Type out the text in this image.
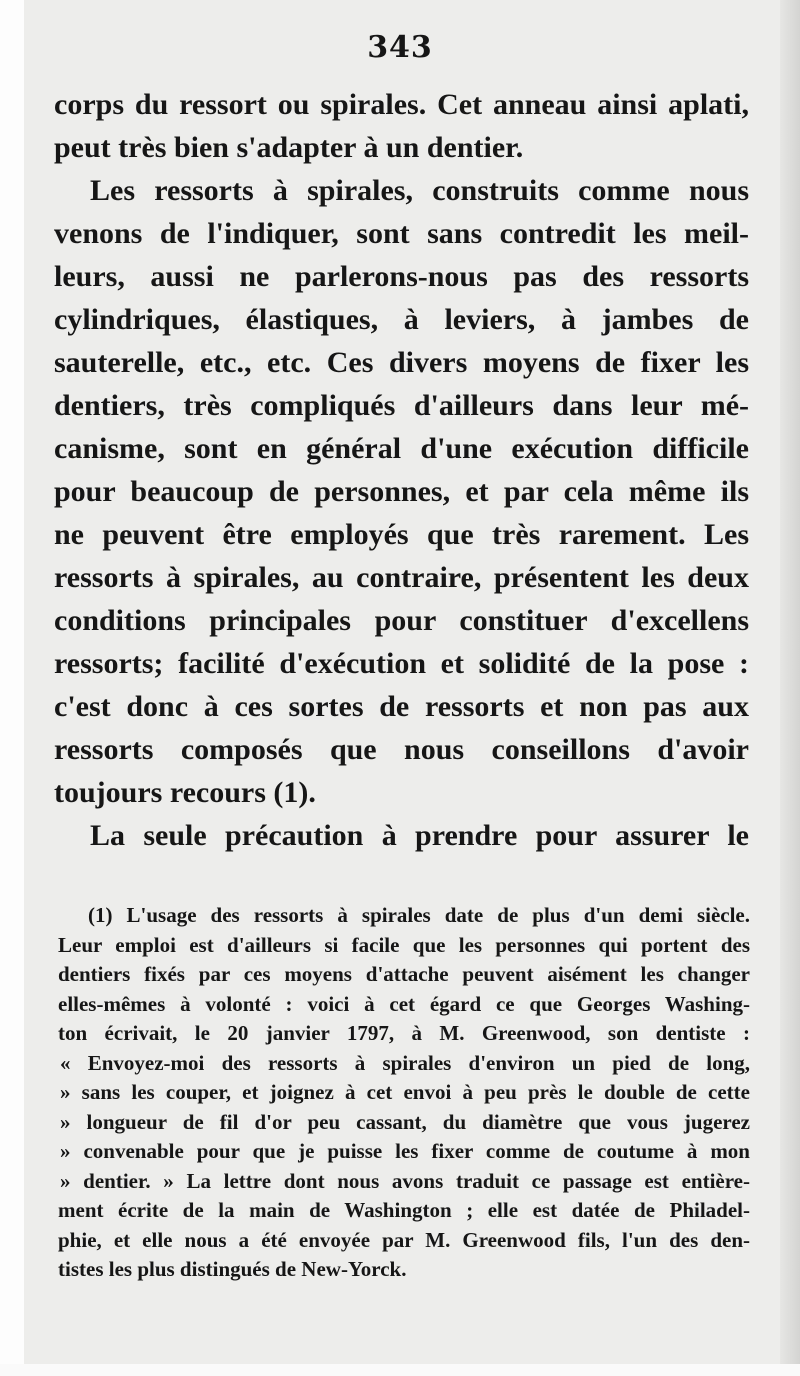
343
corps du ressort ou spirales. Cet anneau ainsi aplati,
peut très bien s'adapter à un dentier.
Les ressorts à spirales, construits comme nous
venons de l'indiquer, sont sans contredit les meil-
leurs, aussi ne parlerons-nous pas des ressorts
cylindriques, élastiques, à leviers, à jambes de
sauterelle, etc., etc. Ces divers moyens de fixer les
dentiers, très compliqués d'ailleurs dans leur mé-
canisme, sont en général d'une exécution difficile
pour beaucoup de personnes, et par cela même ils
ne peuvent être employés que très rarement. Les
ressorts à spirales, au contraire, présentent les deux
conditions principales pour constituer d'excellens
ressorts; facilité d'exécution et solidité de la pose :
c'est donc à ces sortes de ressorts et non pas aux
ressorts composés que nous conseillons d'avoir
toujours recours (1).
La seule précaution à prendre pour assurer le
(1) L'usage des ressorts à spirales date de plus d'un demi siècle.
Leur emploi est d'ailleurs si facile que les personnes qui portent des
dentiers fixés par ces moyens d'attache peuvent aisément les changer
elles-mêmes à volonté : voici à cet égard ce que Georges Washing-
ton écrivait, le 20 janvier 1797, à M. Greenwood, son dentiste :
« Envoyez-moi des ressorts à spirales d'environ un pied de long,
» sans les couper, et joignez à cet envoi à peu près le double de cette
» longueur de fil d'or peu cassant, du diamètre que vous jugerez
» convenable pour que je puisse les fixer comme de coutume à mon
» dentier. » La lettre dont nous avons traduit ce passage est entière-
ment écrite de la main de Washington ; elle est datée de Philadel-
phie, et elle nous a été envoyée par M. Greenwood fils, l'un des den-
tistes les plus distingués de New-Yorck.
